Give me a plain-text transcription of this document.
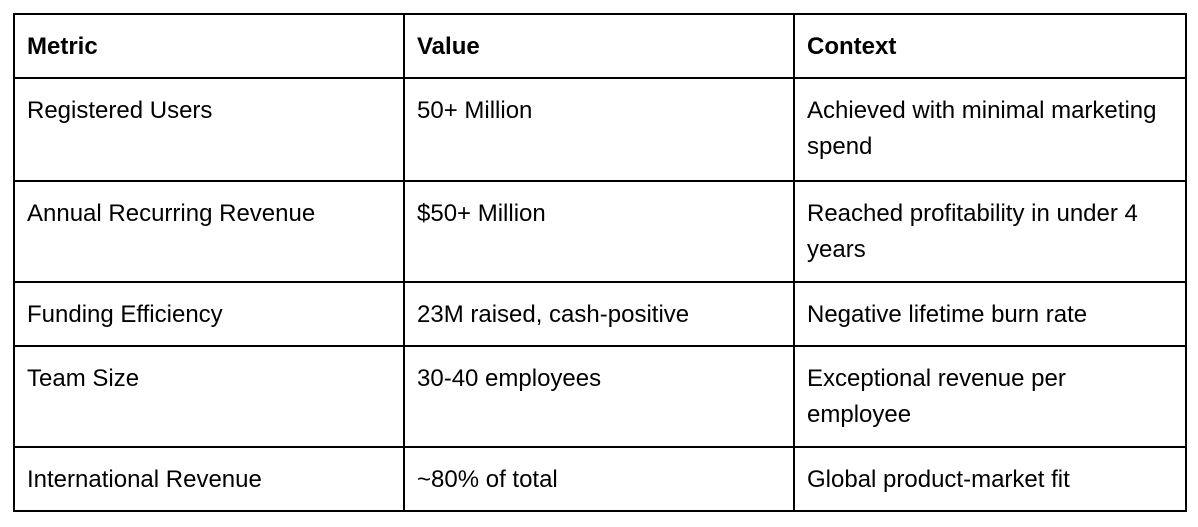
Metric	Value	Context
Registered Users	50+ Million	Achieved with minimal marketing spend
Annual Recurring Revenue	$50+ Million	Reached profitability in under 4 years
Funding Efficiency	23M raised, cash-positive	Negative lifetime burn rate
Team Size	30-40 employees	Exceptional revenue per employee
International Revenue	~80% of total	Global product-market fit
